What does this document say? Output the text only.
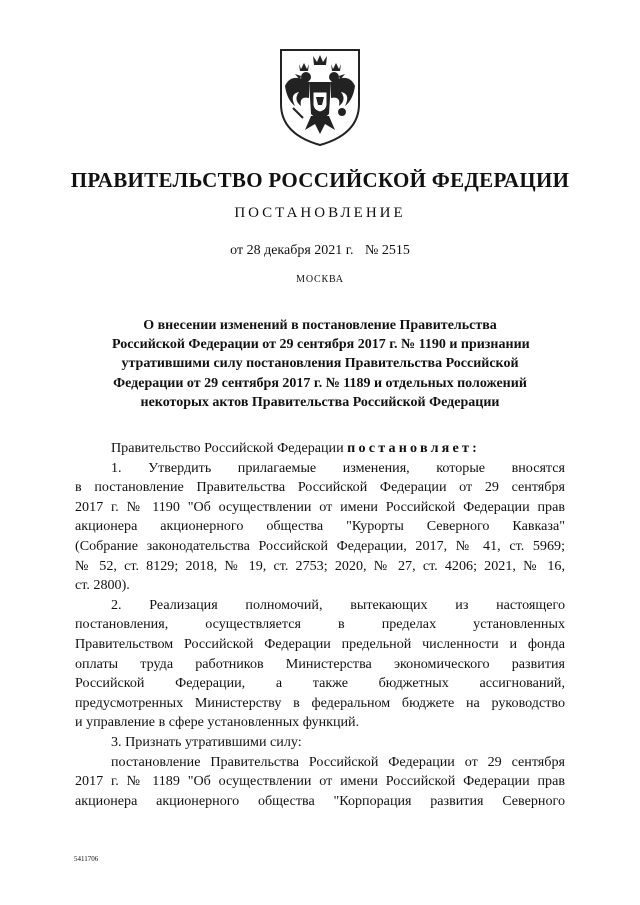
ПРАВИТЕЛЬСТВО РОССИЙСКОЙ ФЕДЕРАЦИИ
ПОСТАНОВЛЕНИЕ
от 28 декабря 2021 г. № 2515
МОСКВА
О внесении изменений в постановление Правительства
Российской Федерации от 29 сентября 2017 г. № 1190 и признании
утратившими силу постановления Правительства Российской
Федерации от 29 сентября 2017 г. № 1189 и отдельных положений
некоторых актов Правительства Российской Федерации
Правительство Российской Федерации постановляет:
1. Утвердить прилагаемые изменения, которые вносятся
в постановление Правительства Российской Федерации от 29 сентября
2017 г. № 1190 "Об осуществлении от имени Российской Федерации прав
акционера акционерного общества "Курорты Северного Кавказа"
(Собрание законодательства Российской Федерации, 2017, № 41, ст. 5969;
№ 52, ст. 8129; 2018, № 19, ст. 2753; 2020, № 27, ст. 4206; 2021, № 16,
ст. 2800).
2. Реализация полномочий, вытекающих из настоящего
постановления, осуществляется в пределах установленных
Правительством Российской Федерации предельной численности и фонда
оплаты труда работников Министерства экономического развития
Российской Федерации, а также бюджетных ассигнований,
предусмотренных Министерству в федеральном бюджете на руководство
и управление в сфере установленных функций.
3. Признать утратившими силу:
постановление Правительства Российской Федерации от 29 сентября
2017 г. № 1189 "Об осуществлении от имени Российской Федерации прав
акционера акционерного общества "Корпорация развития Северного
5411706
